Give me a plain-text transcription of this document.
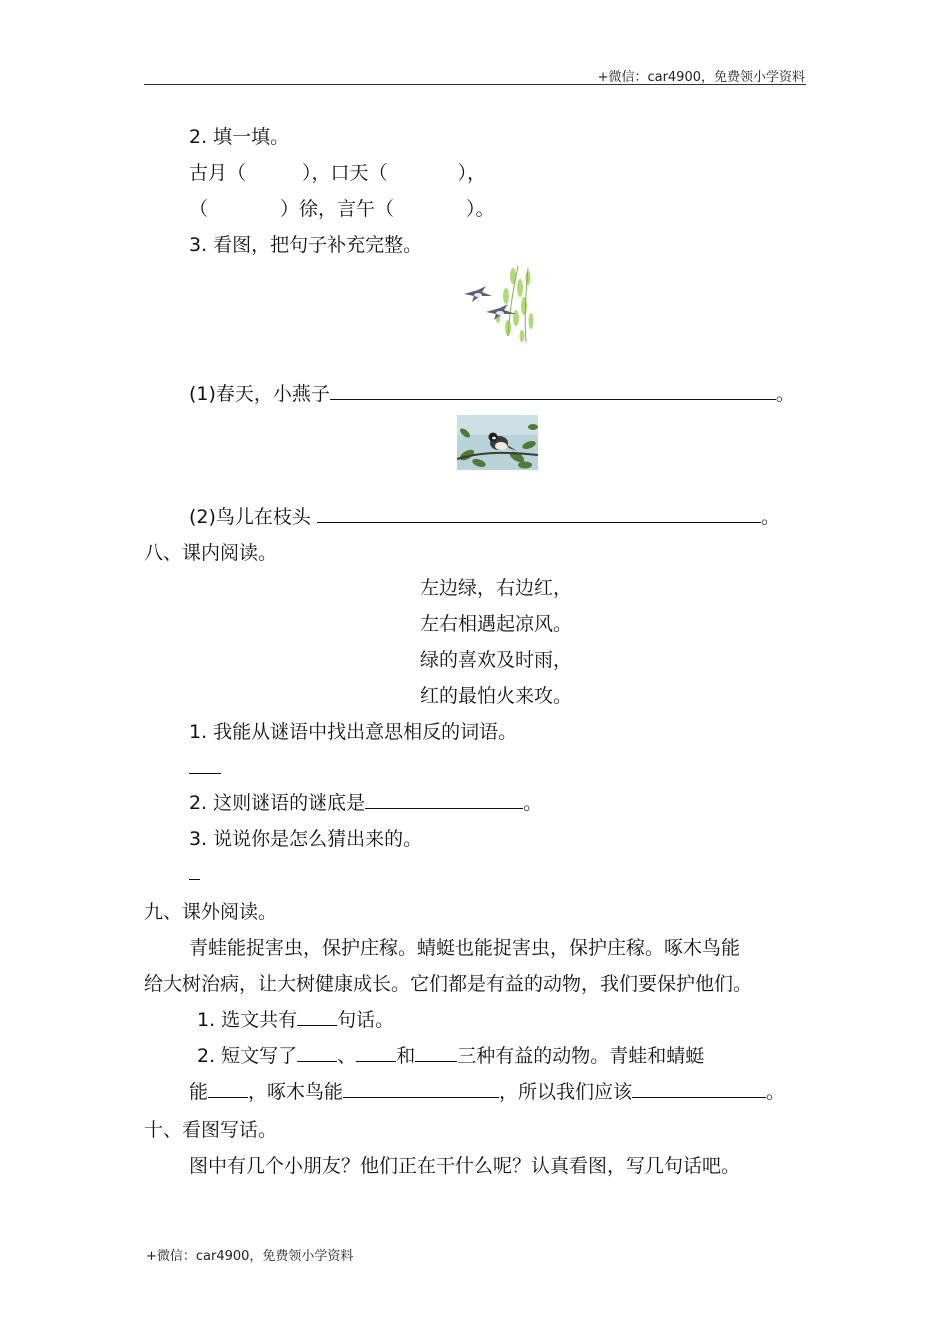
+微信：car4900，免费领小学资料
2. 填一填。
古月（	），口天（	），
（	）徐，言午（	）。
3. 看图，把句子补充完整。
(1)春天，小燕子	。
(2)鸟儿在枝头	。
八、课内阅读。
左边绿，右边红，
左右相遇起凉风。
绿的喜欢及时雨，
红的最怕火来攻。
1. 我能从谜语中找出意思相反的词语。
2. 这则谜语的谜底是	。
3. 说说你是怎么猜出来的。
九、课外阅读。
青蛙能捉害虫，保护庄稼。蜻蜓也能捉害虫，保护庄稼。啄木鸟能
给大树治病，让大树健康成长。它们都是有益的动物，我们要保护他们。
1. 选文共有 句话。
2. 短文写了 、 和 三种有益的动物。青蛙和蜻蜓
能 ，啄木鸟能	，所以我们应该	。
十、看图写话。
图中有几个小朋友？他们正在干什么呢？认真看图，写几句话吧。
+微信：car4900，免费领小学资料
